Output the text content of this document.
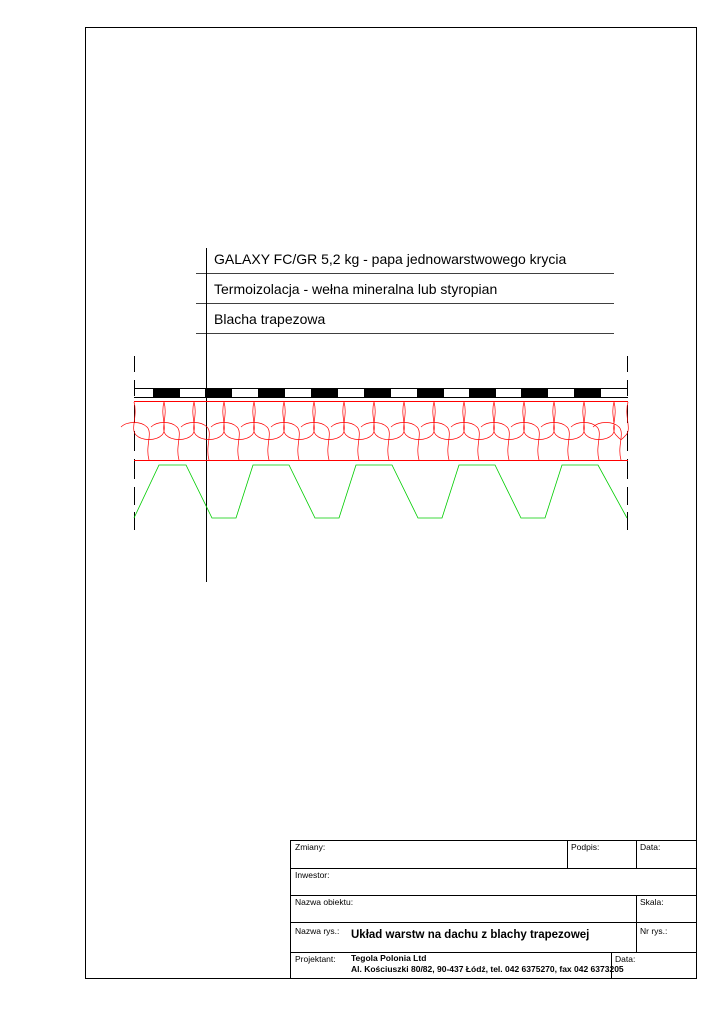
GALAXY FC/GR 5,2 kg - papa jednowarstwowego krycia
Termoizolacja - wełna mineralna lub styropian
Blacha trapezowa
Zmiany:	Podpis:	Data:
Inwestor:
Nazwa obiektu:	Skala:
Nazwa rys.: Układ warstw na dachu z blachy trapezowej	Nr rys.:
Projektant: Tegola Polonia Ltd
Al. Kościuszki 80/82, 90-437 Łódź, tel. 042 6375270, fax 042 6373205
Data:
